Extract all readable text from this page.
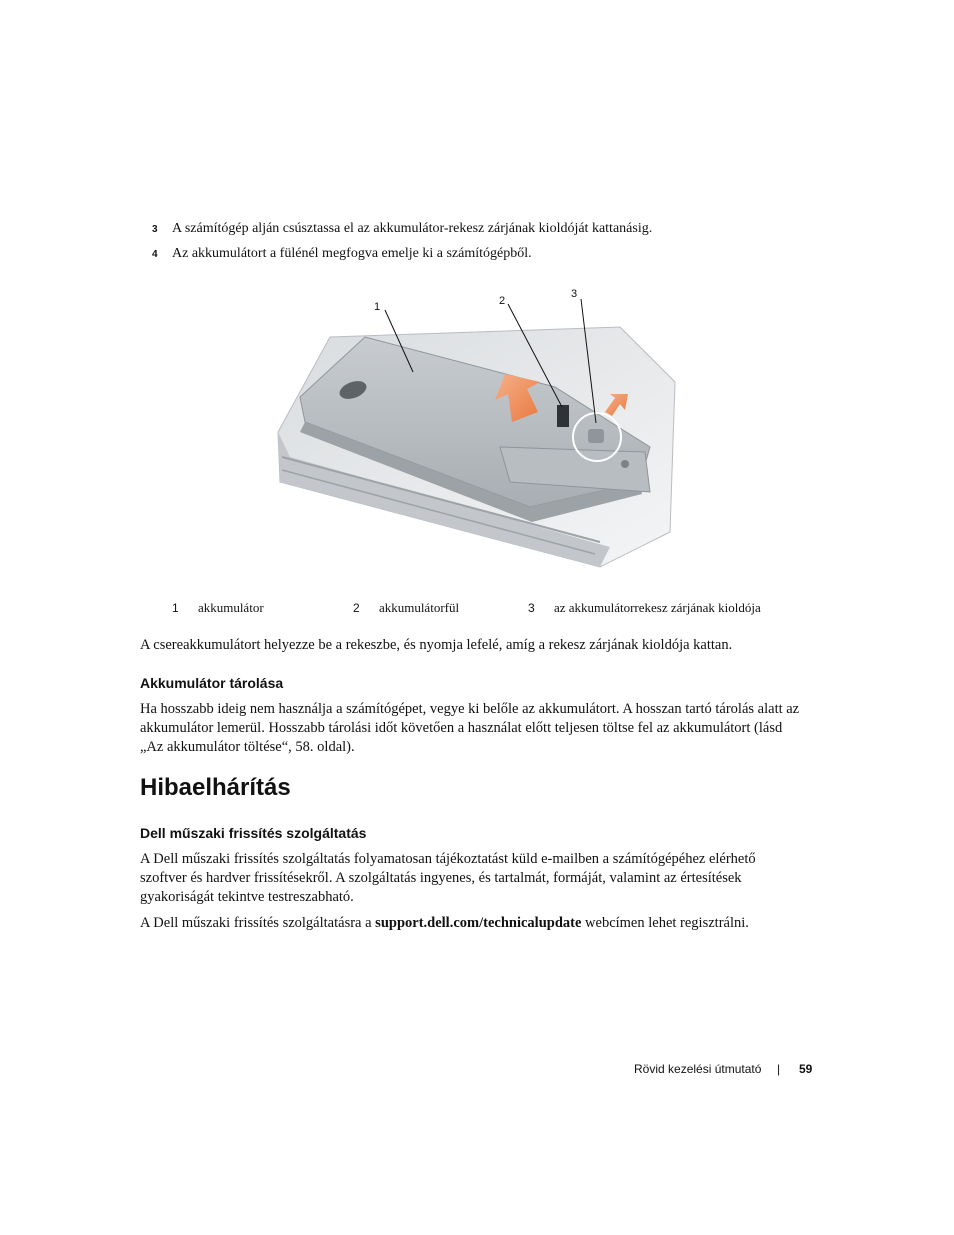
3 A számítógép alján csúsztassa el az akkumulátor-rekesz zárjának kioldóját kattanásig.
4 Az akkumulátort a fülénél megfogva emelje ki a számítógépből.
1	2
3
1 akkumulátor	2 akkumulátorfül	3 az akkumulátorrekesz zárjának kioldója

A csereakkumulátort helyezze be a rekeszbe, és nyomja lefelé, amíg a rekesz zárjának kioldója kattan.

Akkumulátor tárolása

Ha hosszabb ideig nem használja a számítógépet, vegye ki belőle az akkumulátort. A hosszan tartó tárolás alatt az akkumulátor lemerül. Hosszabb tárolási időt követően a használat előtt teljesen töltse fel az akkumulátort (lásd „Az akkumulátor töltése“, 58. oldal).

Hibaelhárítás
Dell műszaki frissítés szolgáltatás

A Dell műszaki frissítés szolgáltatás folyamatosan tájékoztatást küld e-mailben a számítógépéhez elérhető szoftver és hardver frissítésekről. A szolgáltatás ingyenes, és tartalmát, formáját, valamint az értesítések gyakoriságát tekintve testreszabható.

A Dell műszaki frissítés szolgáltatásra a support.dell.com/technicalupdate webcímen lehet regisztrálni.

Rövid kezelési útmutató | 59
